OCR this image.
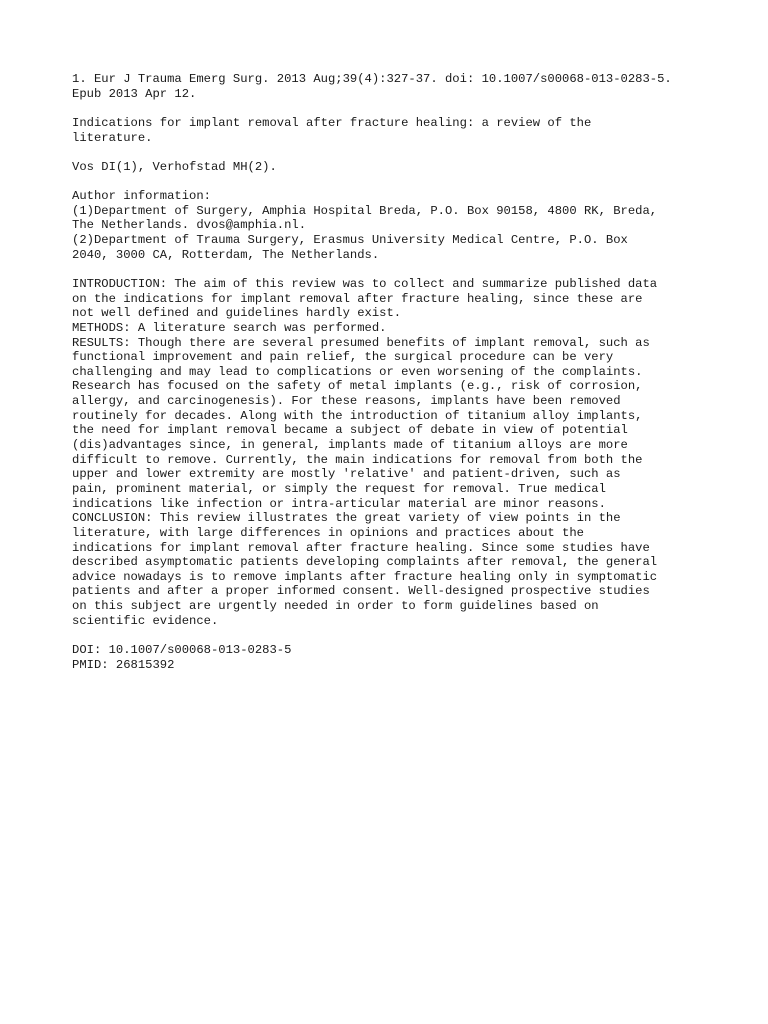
1. Eur J Trauma Emerg Surg. 2013 Aug;39(4):327-37. doi: 10.1007/s00068-013-0283-5.
Epub 2013 Apr 12.
Indications for implant removal after fracture healing: a review of the
literature.
Vos DI(1), Verhofstad MH(2).
Author information:
(1)Department of Surgery, Amphia Hospital Breda, P.O. Box 90158, 4800 RK, Breda,
The Netherlands. dvos@amphia.nl.
(2)Department of Trauma Surgery, Erasmus University Medical Centre, P.O. Box
2040, 3000 CA, Rotterdam, The Netherlands.
INTRODUCTION: The aim of this review was to collect and summarize published data
on the indications for implant removal after fracture healing, since these are
not well defined and guidelines hardly exist.
METHODS: A literature search was performed.
RESULTS: Though there are several presumed benefits of implant removal, such as
functional improvement and pain relief, the surgical procedure can be very
challenging and may lead to complications or even worsening of the complaints.
Research has focused on the safety of metal implants (e.g., risk of corrosion,
allergy, and carcinogenesis). For these reasons, implants have been removed
routinely for decades. Along with the introduction of titanium alloy implants,
the need for implant removal became a subject of debate in view of potential
(dis)advantages since, in general, implants made of titanium alloys are more
difficult to remove. Currently, the main indications for removal from both the
upper and lower extremity are mostly 'relative' and patient-driven, such as
pain, prominent material, or simply the request for removal. True medical
indications like infection or intra-articular material are minor reasons.
CONCLUSION: This review illustrates the great variety of view points in the
literature, with large differences in opinions and practices about the
indications for implant removal after fracture healing. Since some studies have
described asymptomatic patients developing complaints after removal, the general
advice nowadays is to remove implants after fracture healing only in symptomatic
patients and after a proper informed consent. Well-designed prospective studies
on this subject are urgently needed in order to form guidelines based on
scientific evidence.
DOI: 10.1007/s00068-013-0283-5
PMID: 26815392
